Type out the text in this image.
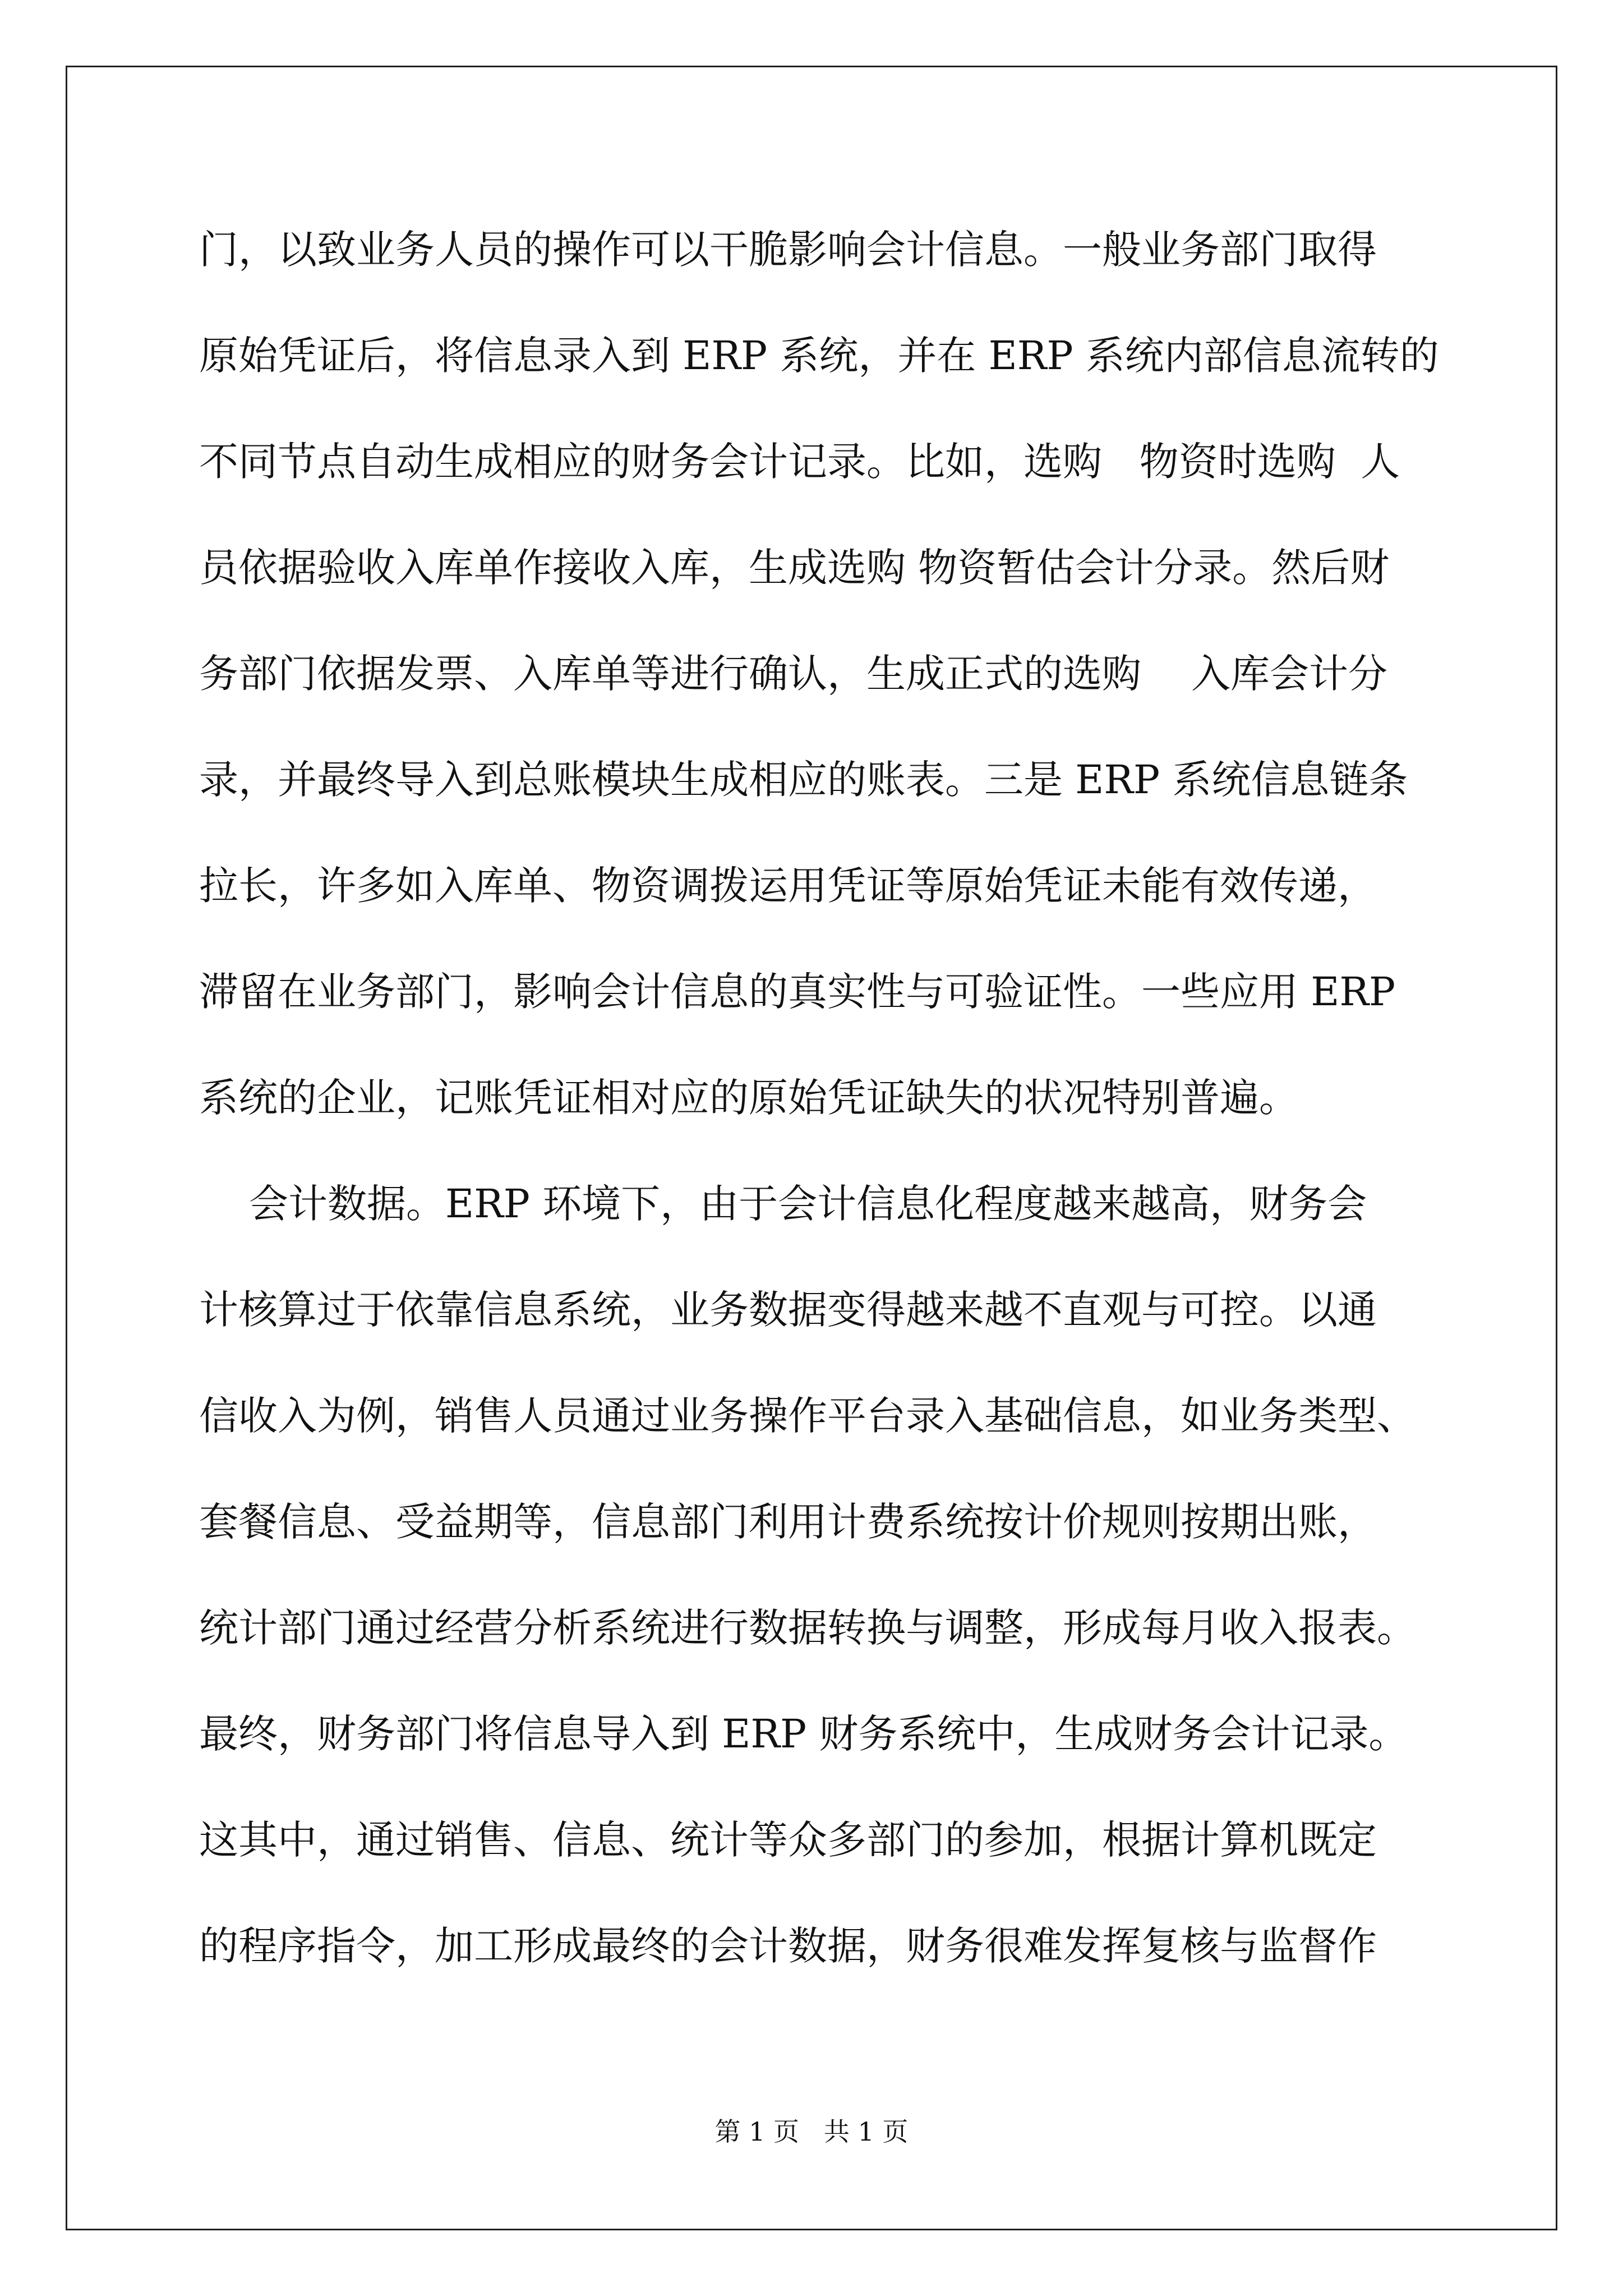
门，以致业务人员的操作可以干脆影响会计信息。一般业务部门取得
原始凭证后，将信息录入到 ERP 系统，并在 ERP 系统内部信息流转的
不同节点自动生成相应的财务会计记录。比如，选购   物资时选购  人
员依据验收入库单作接收入库，生成选购 物资暂估会计分录。然后财
务部门依据发票、入库单等进行确认，生成正式的选购    入库会计分
录，并最终导入到总账模块生成相应的账表。三是 ERP 系统信息链条
拉长，许多如入库单、物资调拨运用凭证等原始凭证未能有效传递，
滞留在业务部门，影响会计信息的真实性与可验证性。一些应用 ERP
系统的企业，记账凭证相对应的原始凭证缺失的状况特别普遍。
会计数据。ERP 环境下，由于会计信息化程度越来越高，财务会
计核算过于依靠信息系统，业务数据变得越来越不直观与可控。以通
信收入为例，销售人员通过业务操作平台录入基础信息，如业务类型、
套餐信息、受益期等，信息部门利用计费系统按计价规则按期出账，
统计部门通过经营分析系统进行数据转换与调整，形成每月收入报表。
最终，财务部门将信息导入到 ERP 财务系统中，生成财务会计记录。
这其中，通过销售、信息、统计等众多部门的参加，根据计算机既定
的程序指令，加工形成最终的会计数据，财务很难发挥复核与监督作
第 1 页   共 1 页
